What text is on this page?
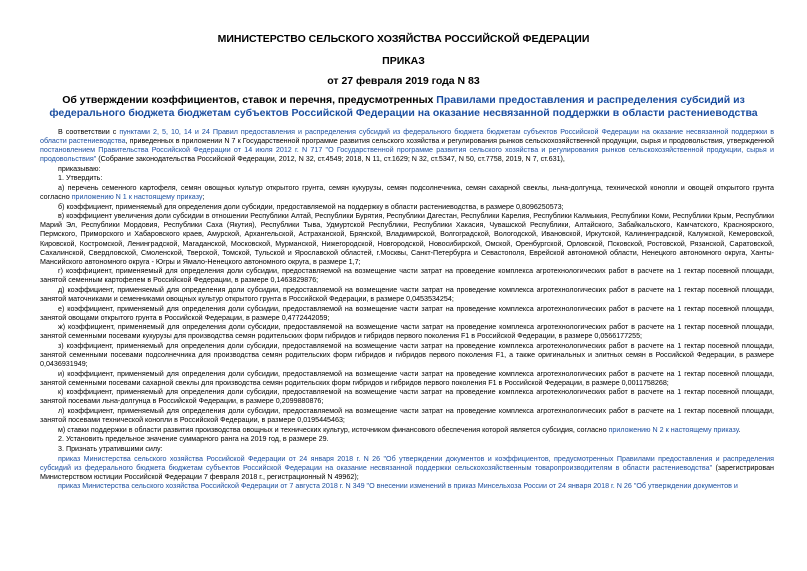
МИНИСТЕРСТВО СЕЛЬСКОГО ХОЗЯЙСТВА РОССИЙСКОЙ ФЕДЕРАЦИИ
ПРИКАЗ
от 27 февраля 2019 года N 83
Об утверждении коэффициентов, ставок и перечня, предусмотренных Правилами предоставления и распределения субсидий из федерального бюджета бюджетам субъектов Российской Федерации на оказание несвязанной поддержки в области растениеводства

В соответствии с пунктами 2, 5, 10, 14 и 24 Правил предоставления и распределения субсидий из федерального бюджета бюджетам субъектов Российской Федерации на оказание несвязанной поддержки в области растениеводства, приведенных в приложении N 7 к Государственной программе развития сельского хозяйства и регулирования рынков сельскохозяйственной продукции, сырья и продовольствия, утвержденной постановлением Правительства Российской Федерации от 14 июля 2012 г. N 717 "О Государственной программе развития сельского хозяйства и регулирования рынков сельскохозяйственной продукции, сырья и продовольствия" (Собрание законодательства Российской Федерации, 2012, N 32, ст.4549; 2018, N 11, ст.1629; N 32, ст.5347, N 50, ст.7758, 2019, N 7, ст.631),

приказываю:

1. Утвердить:

а) перечень семенного картофеля, семян овощных культур открытого грунта, семян кукурузы, семян подсолнечника, семян сахарной свеклы, льна-долгунца, технической конопли и овощей открытого грунта согласно приложению N 1 к настоящему приказу;

б) коэффициент, применяемый для определения доли субсидии, предоставляемой на поддержку в области растениеводства, в размере 0,8096250573;

в) коэффициент увеличения доли субсидии в отношении Республики Алтай, Республики Бурятия, Республики Дагестан, Республики Карелия, Республики Калмыкия, Республики Коми, Республики Крым, Республики Марий Эл, Республики Мордовия, Республики Саха (Якутия), Республики Тыва, Удмуртской Республики, Республики Хакасия, Чувашской Республики, Алтайского, Забайкальского, Камчатского, Красноярского, Пермского, Приморского и Хабаровского краев, Амурской, Архангельской, Астраханской, Брянской, Владимирской, Волгоградской, Вологодской, Ивановской, Иркутской, Калининградской, Калужской, Кемеровской, Кировской, Костромской, Ленинградской, Магаданской, Московской, Мурманской, Нижегородской, Новгородской, Новосибирской, Омской, Оренбургской, Орловской, Псковской, Ростовской, Рязанской, Саратовской, Сахалинской, Свердловской, Смоленской, Тверской, Томской, Тульской и Ярославской областей, г.Москвы, Санкт-Петербурга и Севастополя, Еврейской автономной области, Ненецкого автономного округа, Ханты-Мансийского автономного округа - Югры и Ямало-Ненецкого автономного округа, в размере 1,7;

г) коэффициент, применяемый для определения доли субсидии, предоставляемой на возмещение части затрат на проведение комплекса агротехнологических работ в расчете на 1 гектар посевной площади, занятой семенным картофелем в Российской Федерации, в размере 0,1463829876;

д) коэффициент, применяемый для определения доли субсидии, предоставляемой на возмещение части затрат на проведение комплекса агротехнологических работ в расчете на 1 гектар посевной площади, занятой маточниками и семенниками овощных культур открытого грунта в Российской Федерации, в размере 0,0453534254;

е) коэффициент, применяемый для определения доли субсидии, предоставляемой на возмещение части затрат на проведение комплекса агротехнологических работ в расчете на 1 гектар посевной площади, занятой овощами открытого грунта в Российской Федерации, в размере 0,4772442059;

ж) коэффициент, применяемый для определения доли субсидии, предоставляемой на возмещение части затрат на проведение комплекса агротехнологических работ в расчете на 1 гектар посевной площади, занятой семенными посевами кукурузы для производства семян родительских форм гибридов и гибридов первого поколения F1 в Российской Федерации, в размере 0,0566177255;

з) коэффициент, применяемый для определения доли субсидии, предоставляемой на возмещение части затрат на проведение комплекса агротехнологических работ в расчете на 1 гектар посевной площади, занятой семенными посевами подсолнечника для производства семян родительских форм гибридов и гибридов первого поколения F1, а также оригинальных и элитных семян в Российской Федерации, в размере 0,0436931949;

и) коэффициент, применяемый для определения доли субсидии, предоставляемой на возмещение части затрат на проведение комплекса агротехнологических работ в расчете на 1 гектар посевной площади, занятой семенными посевами сахарной свеклы для производства семян родительских форм гибридов и гибридов первого поколения F1 в Российской Федерации, в размере 0,0011758268;

к) коэффициент, применяемый для определения доли субсидии, предоставляемой на возмещение части затрат на проведение комплекса агротехнологических работ в расчете на 1 гектар посевной площади, занятой посевами льна-долгунца в Российской Федерации, в размере 0,2099880876;

л) коэффициент, применяемый для определения доли субсидии, предоставляемой на возмещение части затрат на проведение комплекса агротехнологических работ в расчете на 1 гектар посевной площади, занятой посевами технической конопли в Российской Федерации, в размере 0,0195445463;

м) ставки поддержки в области развития производства овощных и технических культур, источником финансового обеспечения которой является субсидия, согласно приложению N 2 к настоящему приказу.

2. Установить предельное значение суммарного ранга на 2019 год, в размере 29.

3. Признать утратившими силу:

приказ Министерства сельского хозяйства Российской Федерации от 24 января 2018 г. N 26 "Об утверждении документов и коэффициентов, предусмотренных Правилами предоставления и распределения субсидий из федерального бюджета бюджетам субъектов Российской Федерации на оказание несвязанной поддержки сельскохозяйственным товаропроизводителям в области растениеводства" (зарегистрирован Министерством юстиции Российской Федерации 7 февраля 2018 г., регистрационный N 49962);

приказ Министерства сельского хозяйства Российской Федерации от 7 августа 2018 г. N 349 "О внесении изменений в приказ Минсельхоза России от 24 января 2018 г. N 26 "Об утверждении документов и
